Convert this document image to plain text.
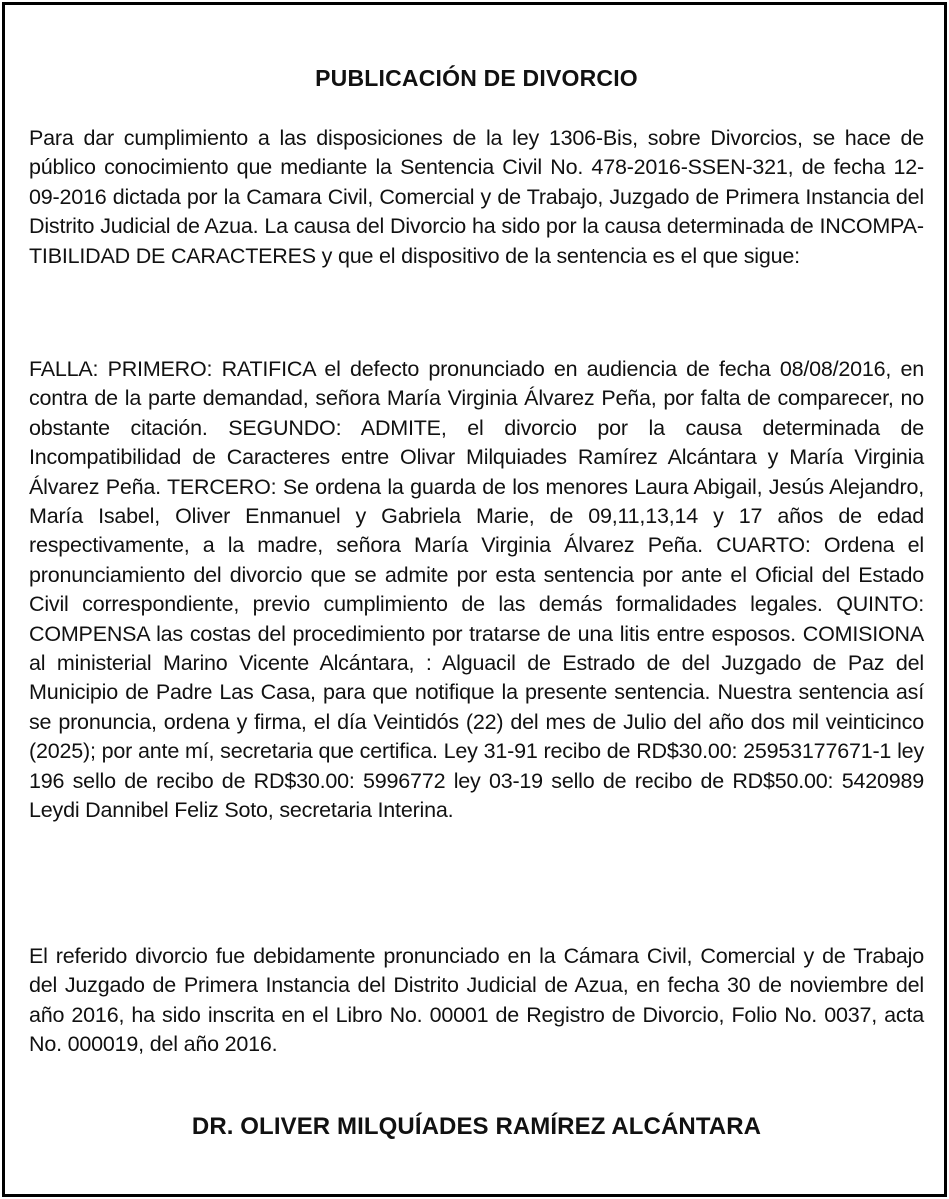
PUBLICACIÓN DE DIVORCIO

Para dar cumplimiento a las disposiciones de la ley 1306-Bis, sobre Divorcios, se hace de público conocimiento que mediante la Sentencia Civil No. 478-2016-SSEN-321, de fecha 12-09-2016 dictada por la Camara Civil, Comercial y de Trabajo, Juzgado de Primera Instancia del Distrito Judicial de Azua. La causa del Divorcio ha sido por la causa determinada de INCOMPATIBILIDAD DE CARACTERES y que el dispositivo de la sentencia es el que sigue:

FALLA: PRIMERO: RATIFICA el defecto pronunciado en audiencia de fecha 08/08/2016, en contra de la parte demandad, señora María Virginia Álvarez Peña, por falta de comparecer, no obstante citación. SEGUNDO: ADMITE, el divorcio por la causa determinada de Incompatibilidad de Caracteres entre Olivar Milquiades Ramírez Alcántara y María Virginia Álvarez Peña. TERCERO: Se ordena la guarda de los menores Laura Abigail, Jesús Alejandro, María Isabel, Oliver Enmanuel y Gabriela Marie, de 09,11,13,14 y 17 años de edad respectivamente, a la madre, señora María Virginia Álvarez Peña. CUARTO: Ordena el pronunciamiento del divorcio que se admite por esta sentencia por ante el Oficial del Estado Civil correspondiente, previo cumplimiento de las demás formalidades legales. QUINTO: COMPENSA las costas del procedimiento por tratarse de una litis entre esposos. COMISIONA al ministerial Marino Vicente Alcántara, : Alguacil de Estrado de del Juzgado de Paz del Municipio de Padre Las Casa, para que notifique la presente sentencia. Nuestra sentencia así se pronuncia, ordena y firma, el día Veintidós (22) del mes de Julio del año dos mil veinticinco (2025); por ante mí, secretaria que certifica. Ley 31-91 recibo de RD$30.00: 25953177671-1 ley 196 sello de recibo de RD$30.00: 5996772 ley 03-19 sello de recibo de RD$50.00: 5420989 Leydi Dannibel Feliz Soto, secretaria Interina.

El referido divorcio fue debidamente pronunciado en la Cámara Civil, Comercial y de Trabajo del Juzgado de Primera Instancia del Distrito Judicial de Azua, en fecha 30 de noviembre del año 2016, ha sido inscrita en el Libro No. 00001 de Registro de Divorcio, Folio No. 0037, acta No. 000019, del año 2016.

DR. OLIVER MILQUÍADES RAMÍREZ ALCÁNTARA
